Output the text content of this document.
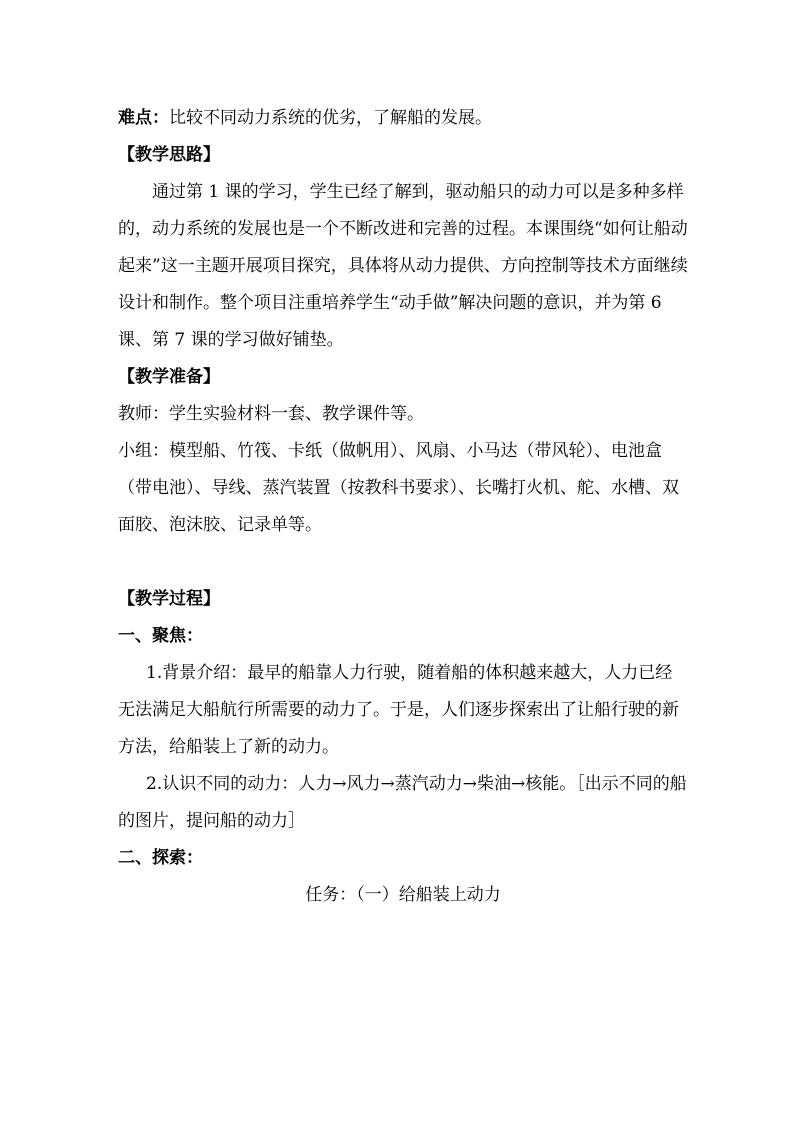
难点：比较不同动力系统的优劣，了解船的发展。

【教学思路】

通过第 1 课的学习，学生已经了解到，驱动船只的动力可以是多种多样的，动力系统的发展也是一个不断改进和完善的过程。本课围绕“如何让船动起来”这一主题开展项目探究，具体将从动力提供、方向控制等技术方面继续设计和制作。整个项目注重培养学生“动手做”解决问题的意识，并为第 6 课、第 7 课的学习做好铺垫。

【教学准备】

教师：学生实验材料一套、教学课件等。

小组：模型船、竹筏、卡纸（做帆用）、风扇、小马达（带风轮）、电池盒（带电池）、导线、蒸汽装置（按教科书要求）、长嘴打火机、舵、水槽、双面胶、泡沫胶、记录单等。

【教学过程】

一、聚焦：

1.背景介绍：最早的船靠人力行驶，随着船的体积越来越大，人力已经无法满足大船航行所需要的动力了。于是，人们逐步探索出了让船行驶的新方法，给船装上了新的动力。

2.认识不同的动力：人力→风力→蒸汽动力→柴油→核能。［出示不同的船的图片，提问船的动力］

二、探索：

任务：（一）给船装上动力
